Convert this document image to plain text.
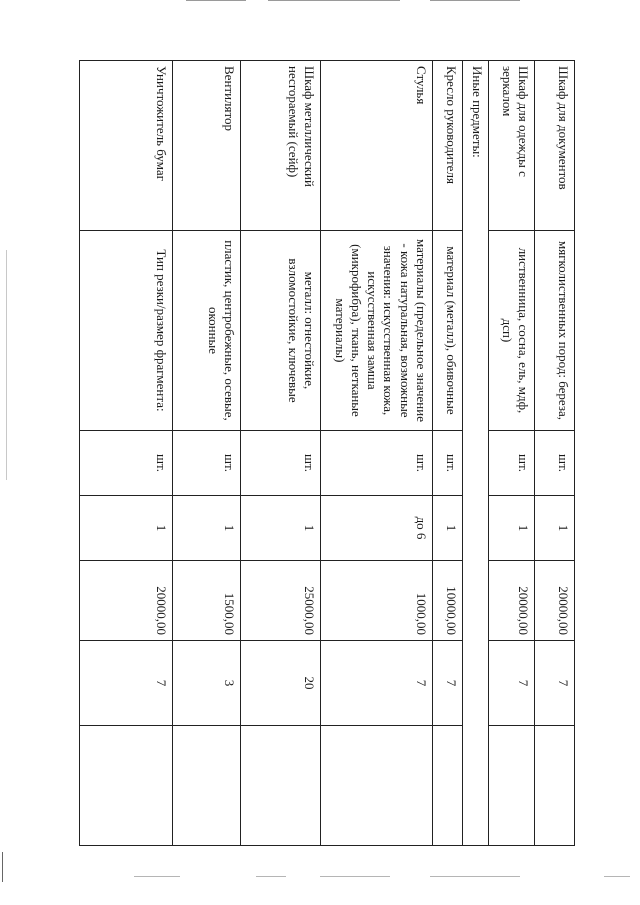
Шкаф для документов	мягколиственных пород: береза,	шт.	1	20000,00	7	
Шкаф для одежды с зеркалом	лиственница, сосна, ель, мдф, дсп)	шт.	1	20000,00	7	
Иные предметы:						
Кресло руководителя	материал (металл), обивочные	шт.	1	10000,00	7	
Стулья	материалы (предельное значение - кожа натуральная, возможные значения: искусственная кожа, искусственная замша (микрофибра), ткань, нетканые материалы)	шт.	до 6	1000,00	7	
Шкаф металлический несгораемый (сейф)	металл: огнестойкие, взломостойкие, ключевые	шт.	1	25000,00	20	
Вентилятор	пластик, центробежные, осевые, оконные	шт.	1	1500,00	3	
Уничтожитель бумаг	Тип резки/размер фрагмента:	шт.	1	20000,00	7	
